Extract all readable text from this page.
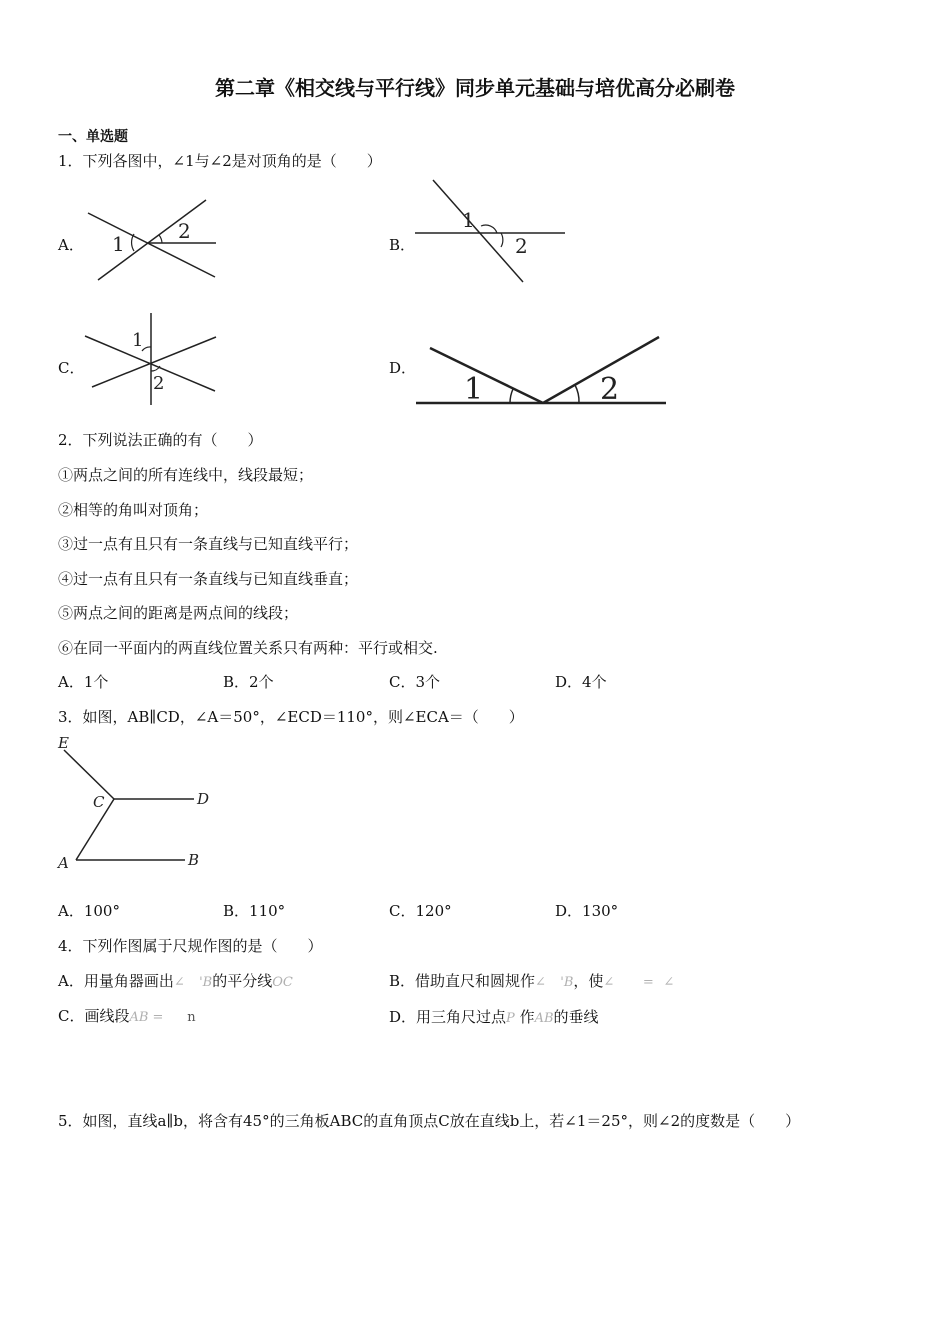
第二章《相交线与平行线》同步单元基础与培优高分必刷卷
一、单选题
1．下列各图中，∠1与∠2是对顶角的是（　　）
A． 1
2
B．
1
2
C．
1
2
D．
1	2
2．下列说法正确的有（　　）
①两点之间的所有连线中，线段最短；
②相等的角叫对顶角；
③过一点有且只有一条直线与已知直线平行；
④过一点有且只有一条直线与已知直线垂直；
⑤两点之间的距离是两点间的线段；
⑥在同一平面内的两直线位置关系只有两种：平行或相交.
A．1个	B．2个	C．3个	D．4个
3．如图，AB∥CD，∠A＝50°，∠ECD＝110°，则∠ECA＝（　　）
E
C	D
A	B
A．100°	B．110°	C．120°	D．130°
4．下列作图属于尺规作图的是（　　）
A．用量角器画出∠ 'B的平分线OC	B．借助直尺和圆规作∠ 'B，使∠ = ∠
C．画线段AB = n	D．用三角尺过点P 作AB的垂线
5．如图，直线a∥b，将含有45°的三角板ABC的直角顶点C放在直线b上，若∠1＝25°，则∠2的度数是（　　）
